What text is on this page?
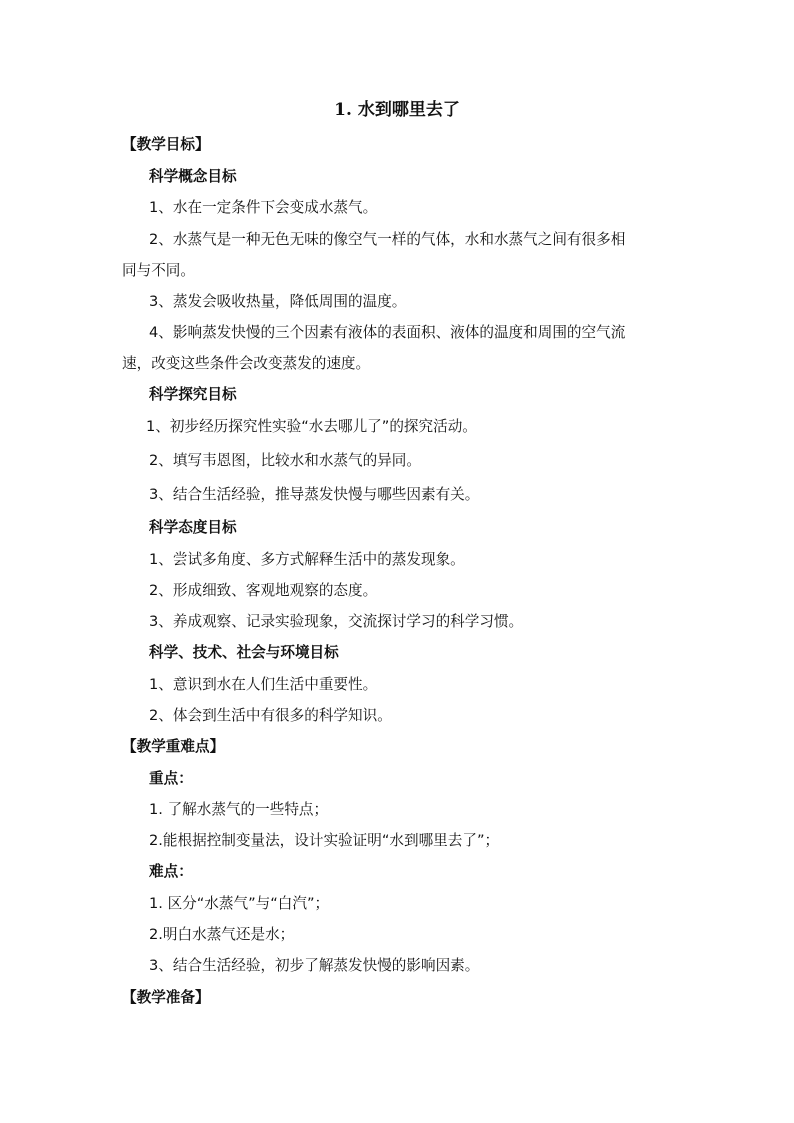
1. 水到哪里去了
【教学目标】
科学概念目标
1、水在一定条件下会变成水蒸气。
2、水蒸气是一种无色无味的像空气一样的气体，水和水蒸气之间有很多相
同与不同。
3、蒸发会吸收热量，降低周围的温度。
4、影响蒸发快慢的三个因素有液体的表面积、液体的温度和周围的空气流
速，改变这些条件会改变蒸发的速度。
科学探究目标
1、初步经历探究性实验“水去哪儿了”的探究活动。
2、填写韦恩图，比较水和水蒸气的异同。
3、结合生活经验，推导蒸发快慢与哪些因素有关。
科学态度目标
1、尝试多角度、多方式解释生活中的蒸发现象。
2、形成细致、客观地观察的态度。
3、养成观察、记录实验现象，交流探讨学习的科学习惯。
科学、技术、社会与环境目标
1、意识到水在人们生活中重要性。
2、体会到生活中有很多的科学知识。
【教学重难点】
重点：
1. 了解水蒸气的一些特点；
2.能根据控制变量法，设计实验证明“水到哪里去了”；
难点：
1. 区分“水蒸气”与“白汽”；
2.明白水蒸气还是水；
3、结合生活经验，初步了解蒸发快慢的影响因素。
【教学准备】
